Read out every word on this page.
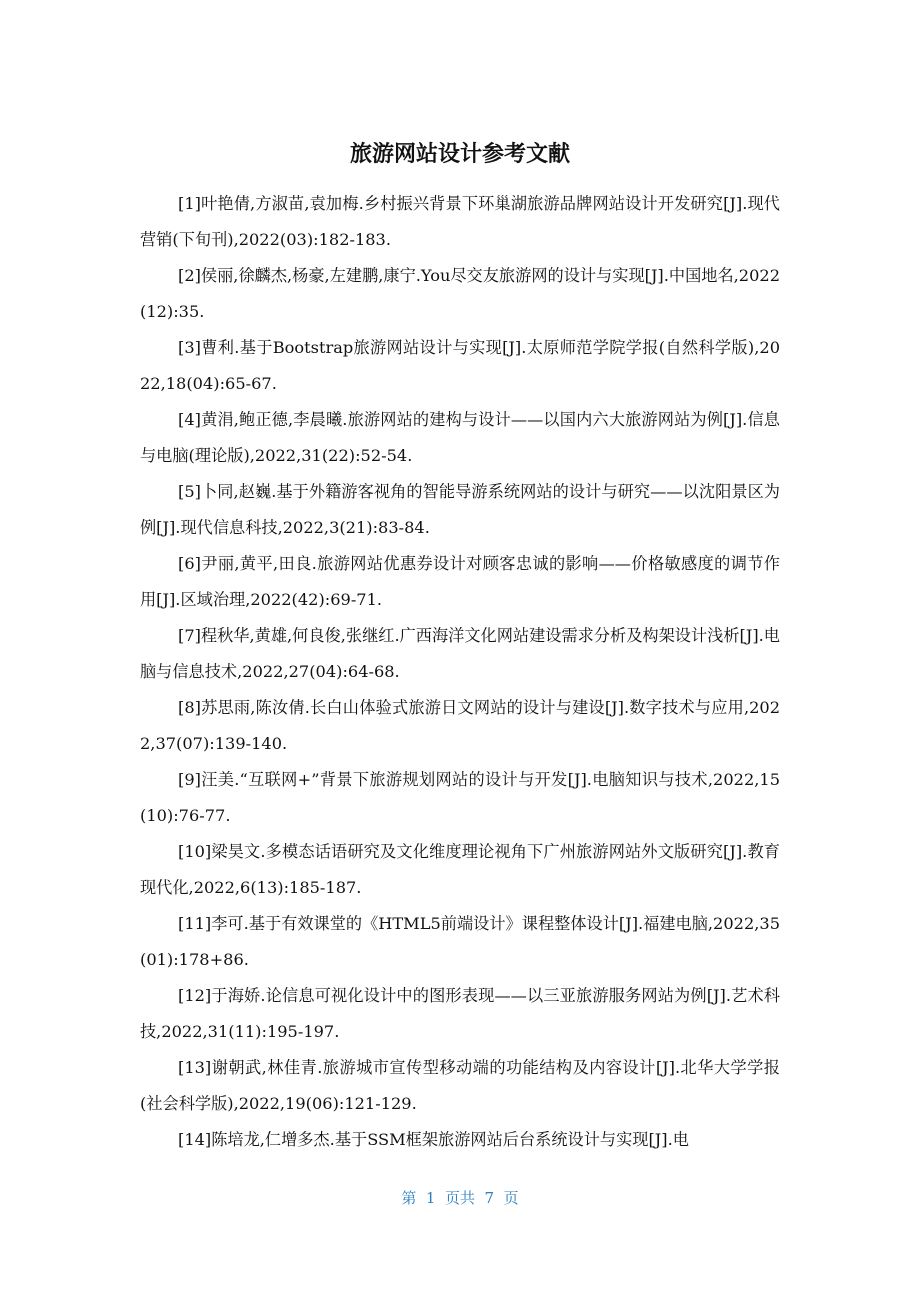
旅游网站设计参考文献

[1]叶艳倩,方淑苗,袁加梅.乡村振兴背景下环巢湖旅游品牌网站设计开发研究[J].现代营销(下旬刊),2022(03):182-183.

[2]侯丽,徐麟杰,杨豪,左建鹏,康宁.You尽交友旅游网的设计与实现[J].中国地名,2022(12):35.

[3]曹利.基于Bootstrap旅游网站设计与实现[J].太原师范学院学报(自然科学版),2022,18(04):65-67.

[4]黄涓,鲍正德,李晨曦.旅游网站的建构与设计——以国内六大旅游网站为例[J].信息与电脑(理论版),2022,31(22):52-54.

[5]卜同,赵巍.基于外籍游客视角的智能导游系统网站的设计与研究——以沈阳景区为例[J].现代信息科技,2022,3(21):83-84.

[6]尹丽,黄平,田良.旅游网站优惠券设计对顾客忠诚的影响——价格敏感度的调节作用[J].区域治理,2022(42):69-71.

[7]程秋华,黄雄,何良俊,张继红.广西海洋文化网站建设需求分析及构架设计浅析[J].电脑与信息技术,2022,27(04):64-68.

[8]苏思雨,陈汝倩.长白山体验式旅游日文网站的设计与建设[J].数字技术与应用,2022,37(07):139-140.

[9]汪美.“互联网+”背景下旅游规划网站的设计与开发[J].电脑知识与技术,2022,15(10):76-77.

[10]梁昊文.多模态话语研究及文化维度理论视角下广州旅游网站外文版研究[J].教育现代化,2022,6(13):185-187.

[11]李可.基于有效课堂的《HTML5前端设计》课程整体设计[J].福建电脑,2022,35(01):178+86.

[12]于海娇.论信息可视化设计中的图形表现——以三亚旅游服务网站为例[J].艺术科技,2022,31(11):195-197.

[13]谢朝武,林佳青.旅游城市宣传型移动端的功能结构及内容设计[J].北华大学学报(社会科学版),2022,19(06):121-129.

[14]陈培龙,仁增多杰.基于SSM框架旅游网站后台系统设计与实现[J].电

第  1  页共  7  页
